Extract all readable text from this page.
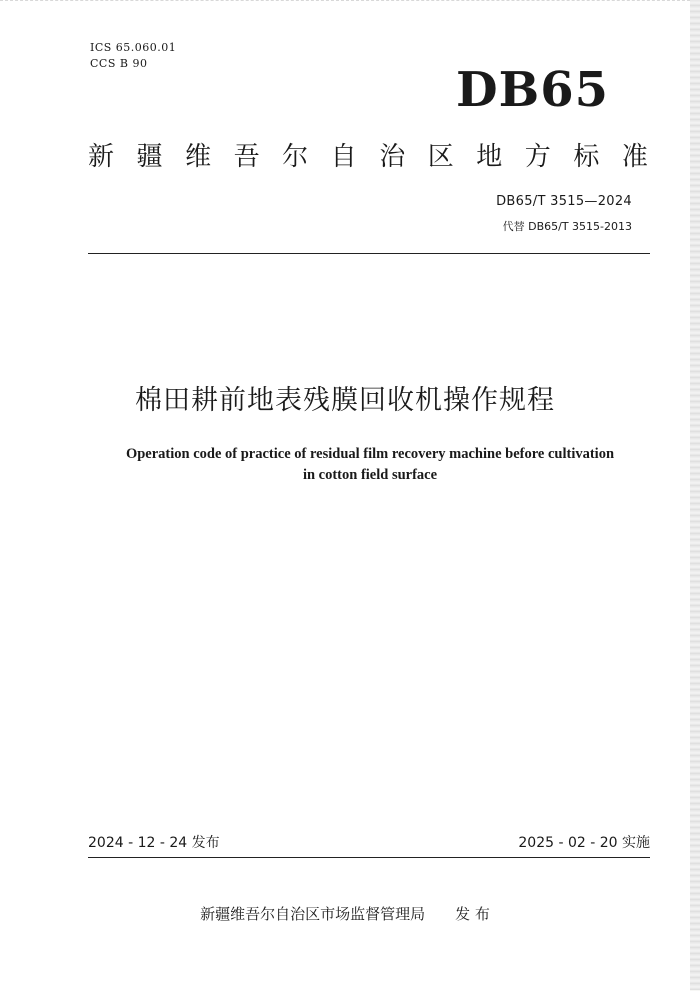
ICS 65.060.01
CCS B 90	DB65
新 疆 维 吾 尔 自 治 区 地 方 标 准
DB65/T 3515—2024
代替 DB65/T 3515-2013
棉田耕前地表残膜回收机操作规程
Operation code of practice of residual film recovery machine before cultivation
in cotton field surface
2024 - 12 - 24 发布	2025 - 02 - 20 实施
新疆维吾尔自治区市场监督管理局 发 布
